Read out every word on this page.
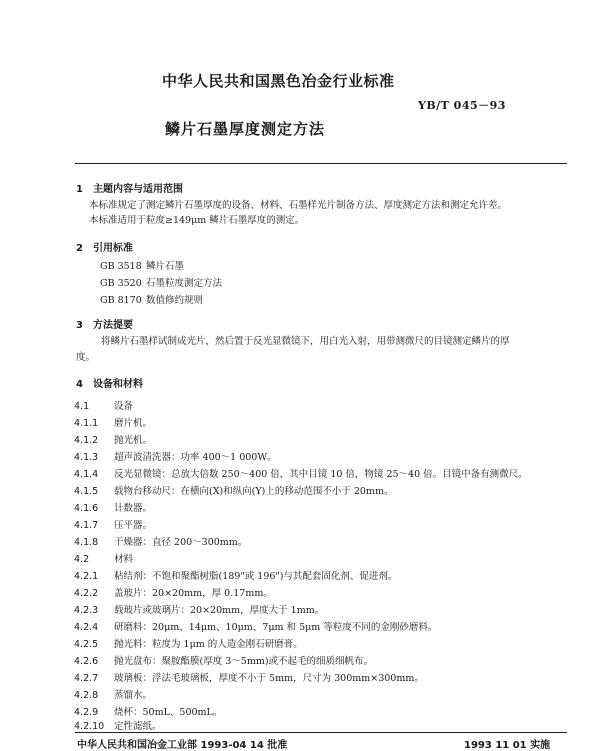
中华人民共和国黑色冶金行业标准
YB/T 045－93
鳞片石墨厚度测定方法
1 主题内容与适用范围
本标准规定了测定鳞片石墨厚度的设备、材料、石墨样光片制备方法、厚度测定方法和测定允许差。
本标准适用于粒度≥149μm 鳞片石墨厚度的测定。
2 引用标准
GB 3518 鳞片石墨
GB 3520 石墨粒度测定方法
GB 8170 数值修约规则
3 方法提要
将鳞片石墨样试制成光片，然后置于反光显微镜下，用白光入射，用带测微尺的目镜测定鳞片的厚
度。
4 设备和材料
4.1	设备
4.1.1 磨片机。
4.1.2 抛光机。
4.1.3 超声波清洗器：功率 400～1 000W。
4.1.4 反光显微镜：总放大倍数 250～400 倍，其中目镜 10 倍，物镜 25～40 倍。目镜中备有测微尺。
4.1.5 载物台移动尺：在横向(X)和纵向(Y)上的移动范围不小于 20mm。
4.1.6 计数器。
4.1.7 压平器。
4.1.8 干燥器：直径 200～300mm。
4.2	材料
4.2.1 粘结剂：不饱和聚酯树脂(189"或 196")与其配套固化剂、促进剂。
4.2.2 盖玻片：20×20mm，厚 0.17mm。
4.2.3 载玻片或玻璃片：20×20mm，厚度大于 1mm。
4.2.4 研磨料：20μm、14μm、10μm、7μm 和 5μm 等粒度不同的金刚砂磨料。
4.2.5 抛光料：粒度为 1μm 的人造金刚石研磨膏。
4.2.6 抛光盘布：聚胺酯膜(厚度 3～5mm)或不起毛的细质细帆布。
4.2.7 玻璃板：浮法毛玻璃板，厚度不小于 5mm，尺寸为 300mm×300mm。
4.2.8 蒸馏水。
4.2.9 烧杯：50mL、500mL。
4.2.10 定性滤纸。
中华人民共和国冶金工业部 1993-04 14 批准	1993 11 01 实施
